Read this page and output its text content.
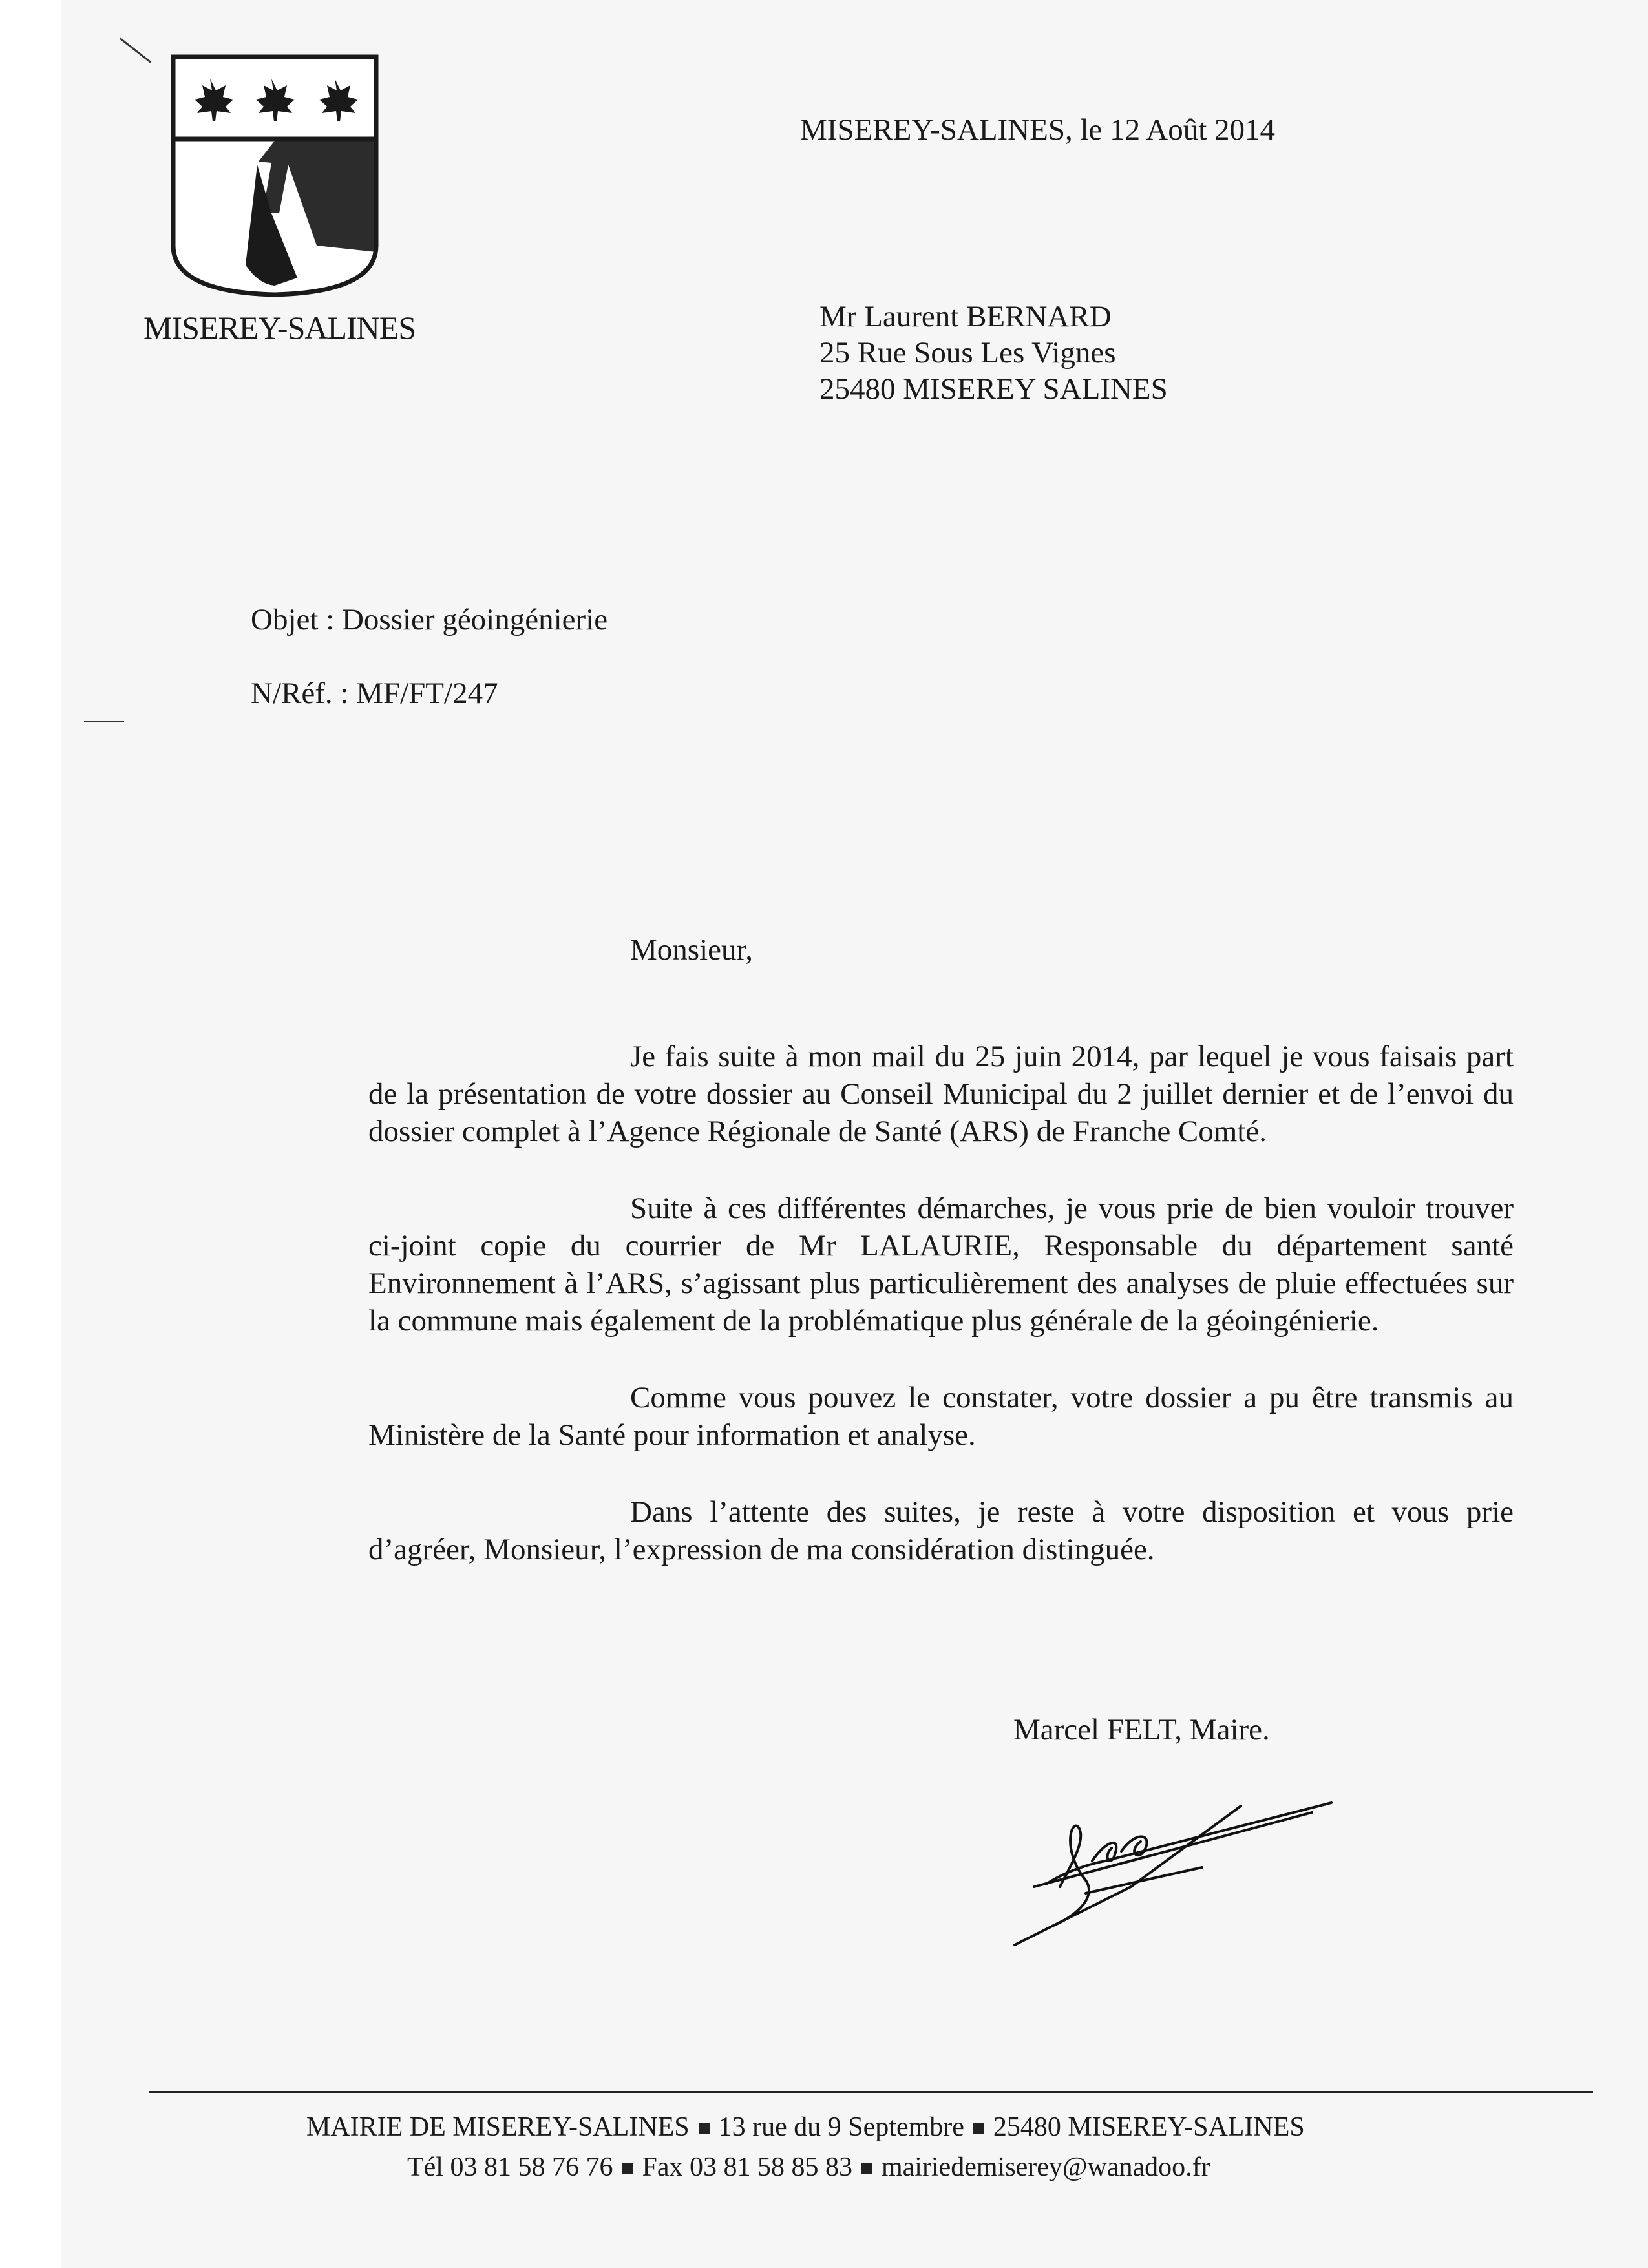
MISEREY-SALINES
MISEREY-SALINES, le 12 Août 2014
Mr Laurent BERNARD
25 Rue Sous Les Vignes
25480 MISEREY SALINES
Objet : Dossier géoingénierie
N/Réf. : MF/FT/247
Monsieur,

Je fais suite à mon mail du 25 juin 2014, par lequel je vous faisais part de la présentation de votre dossier au Conseil Municipal du 2 juillet dernier et de l’envoi du dossier complet à l’Agence Régionale de Santé (ARS) de Franche Comté.

Suite à ces différentes démarches, je vous prie de bien vouloir trouver ci-joint copie du courrier de Mr LALAURIE, Responsable du département santé Environnement à l’ARS, s’agissant plus particulièrement des analyses de pluie effectuées sur la commune mais également de la problématique plus générale de la géoingénierie.

Comme vous pouvez le constater, votre dossier a pu être transmis au Ministère de la Santé pour information et analyse.

Dans l’attente des suites, je reste à votre disposition et vous prie d’agréer, Monsieur, l’expression de ma considération distinguée.

Marcel FELT, Maire.
MAIRIE DE MISEREY-SALINES 13 rue du 9 Septembre 25480 MISEREY-SALINES
Tél 03 81 58 76 76 Fax 03 81 58 85 83 mairiedemiserey@wanadoo.fr
